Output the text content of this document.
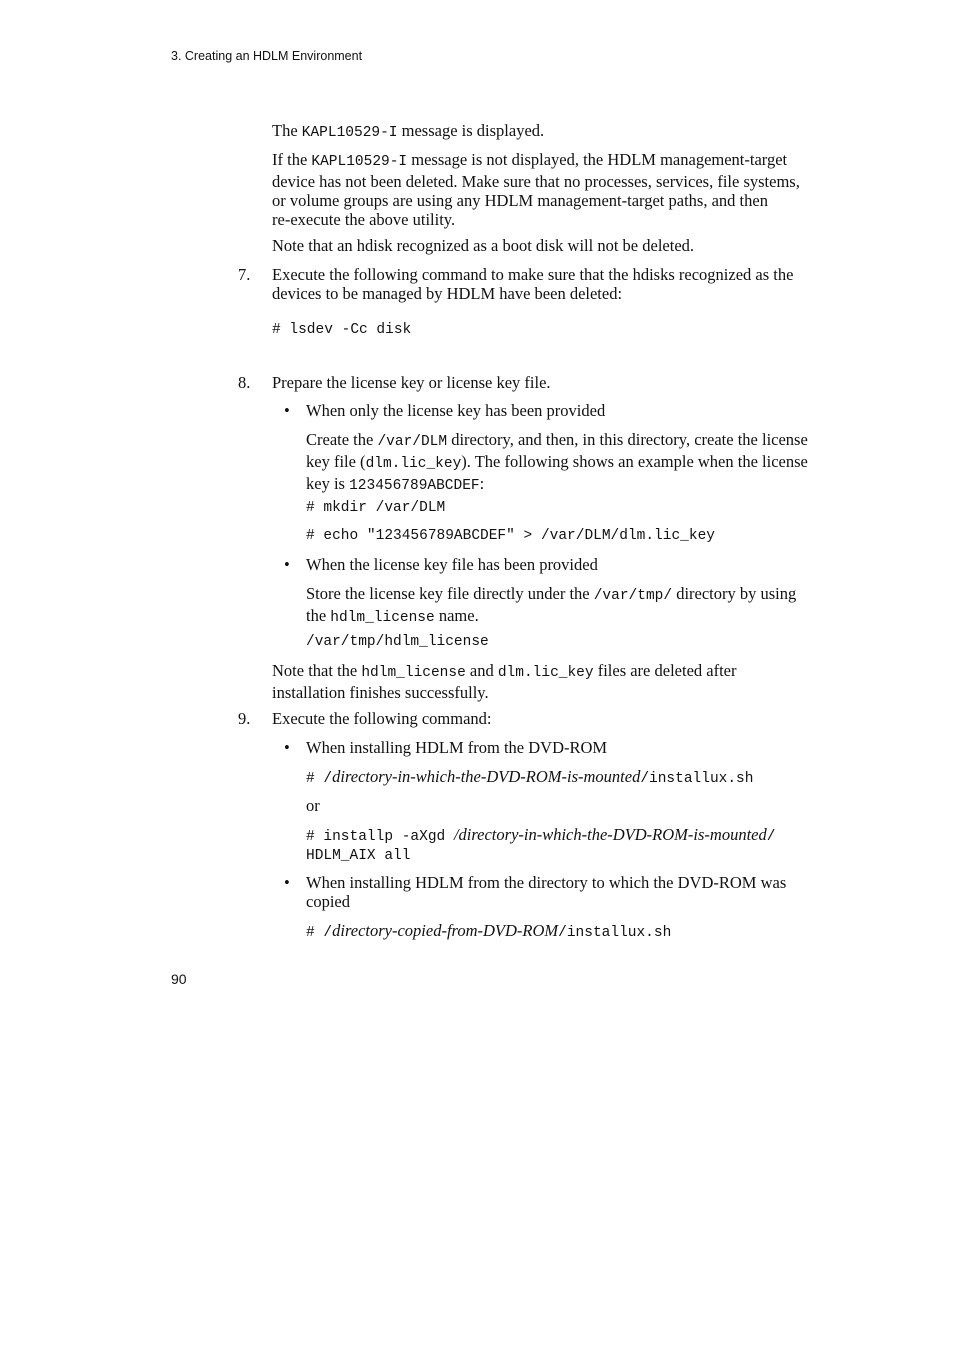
3. Creating an HDLM Environment

The KAPL10529-I message is displayed.

If the KAPL10529-I message is not displayed, the HDLM management-target

device has not been deleted. Make sure that no processes, services, file systems,

or volume groups are using any HDLM management-target paths, and then

re-execute the above utility.

Note that an hdisk recognized as a boot disk will not be deleted.

7. Execute the following command to make sure that the hdisks recognized as the

devices to be managed by HDLM have been deleted:

# lsdev -Cc disk
8. Prepare the license key or license key file.

• When only the license key has been provided

Create the /var/DLM directory, and then, in this directory, create the license

key file (dlm.lic_key). The following shows an example when the license

key is 123456789ABCDEF:

# mkdir /var/DLM
# echo "123456789ABCDEF" > /var/DLM/dlm.lic_key
• When the license key file has been provided

Store the license key file directly under the /var/tmp/ directory by using

the hdlm_license name.

/var/tmp/hdlm_license

Note that the hdlm_license and dlm.lic_key files are deleted after

installation finishes successfully.

9. Execute the following command:

• When installing HDLM from the DVD-ROM

# /directory-in-which-the-DVD-ROM-is-mounted/installux.sh

or

# installp -aXgd /directory-in-which-the-DVD-ROM-is-mounted/
HDLM_AIX all
• When installing HDLM from the directory to which the DVD-ROM was

copied

# /directory-copied-from-DVD-ROM/installux.sh
90
